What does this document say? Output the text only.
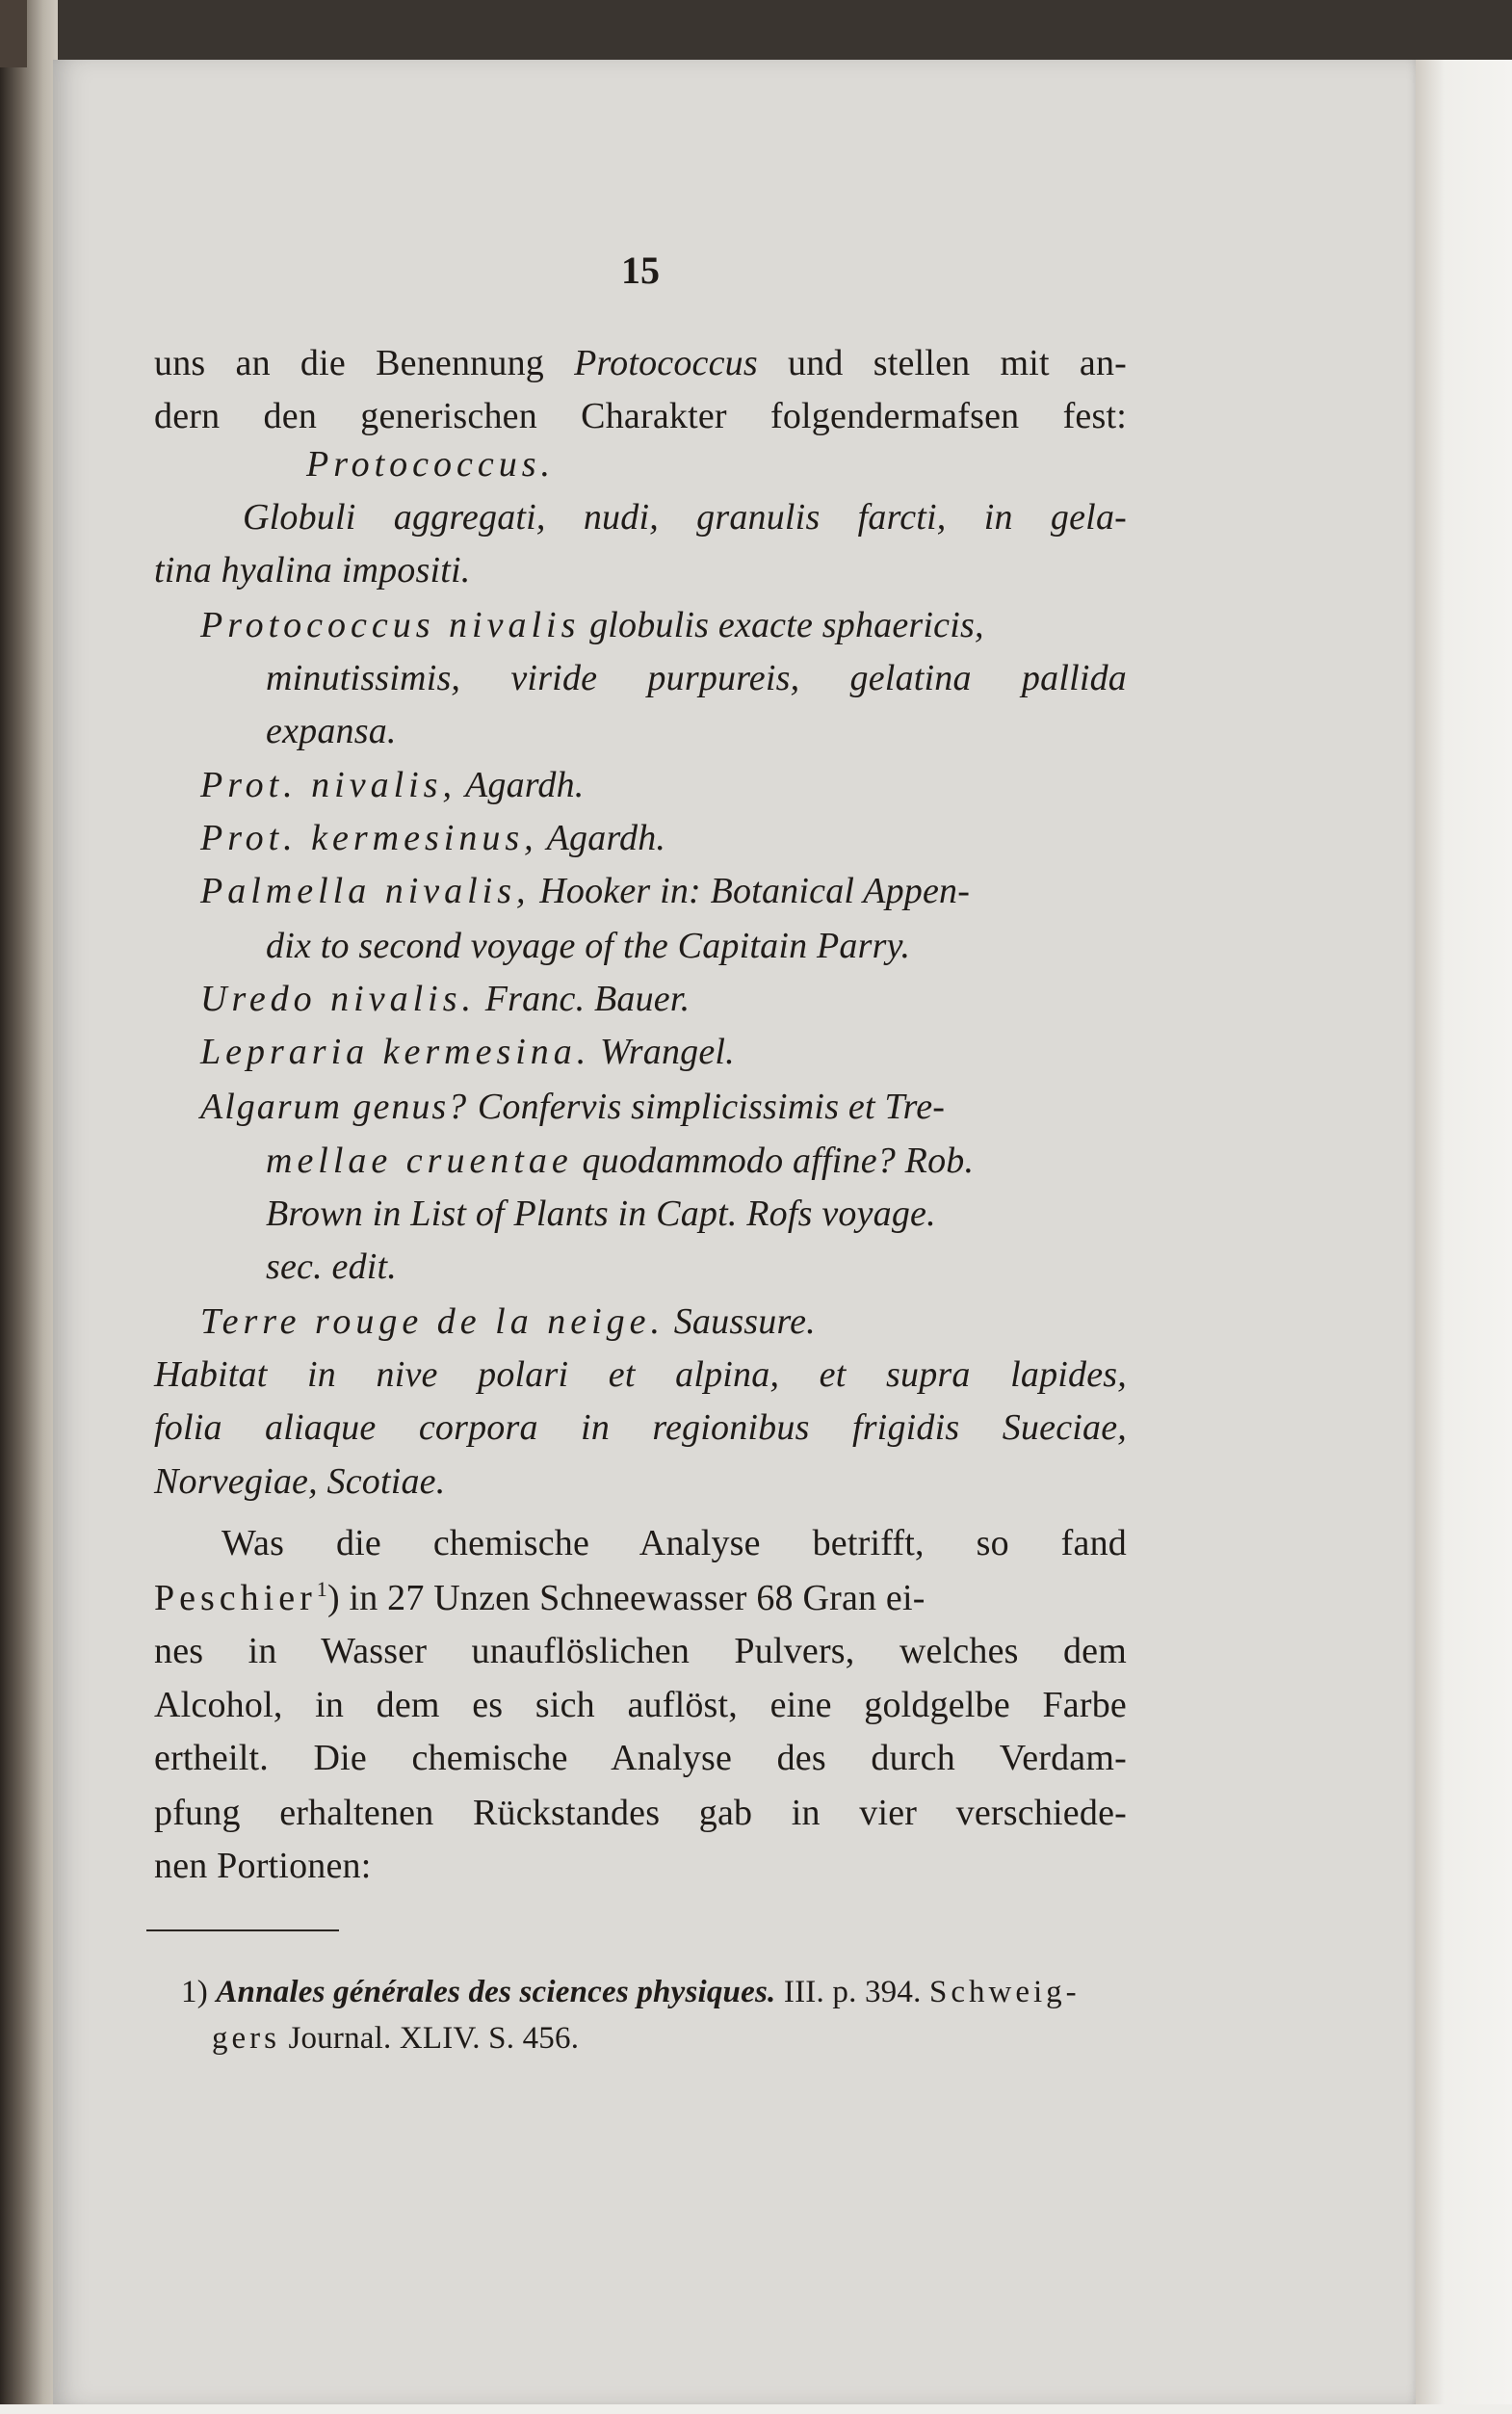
15
uns an die Benennung Protococcus und stellen mit an-
dern den generischen Charakter folgendermafsen fest:
Protococcus.
Globuli aggregati, nudi, granulis farcti, in gela-
tina hyalina impositi.
Protococcus nivalis globulis exacte sphaericis,
minutissimis, viride purpureis, gelatina pallida
expansa.
Prot. nivalis, Agardh.
Prot. kermesinus, Agardh.
Palmella nivalis, Hooker in: Botanical Appen-
dix to second voyage of the Capitain Parry.
Uredo nivalis. Franc. Bauer.
Lepraria kermesina. Wrangel.
Algarum genus? Confervis simplicissimis et Tre-
mellae cruentae quodammodo affine? Rob.
Brown in List of Plants in Capt. Rofs voyage.
sec. edit.
Terre rouge de la neige. Saussure.
Habitat in nive polari et alpina, et supra lapides,
folia aliaque corpora in regionibus frigidis Sueciae,
Norvegiae, Scotiae.
Was die chemische Analyse betrifft, so fand
Peschier$^1$) in 27 Unzen Schneewasser 68 Gran ei-
nes in Wasser unauflöslichen Pulvers, welches dem
Alcohol, in dem es sich auflöst, eine goldgelbe Farbe
ertheilt. Die chemische Analyse des durch Verdam-
pfung erhaltenen Rückstandes gab in vier verschiede-
nen Portionen:
1) Annales générales des sciences physiques. III. p. 394. Schweig-
gers Journal. XLIV. S. 456.
